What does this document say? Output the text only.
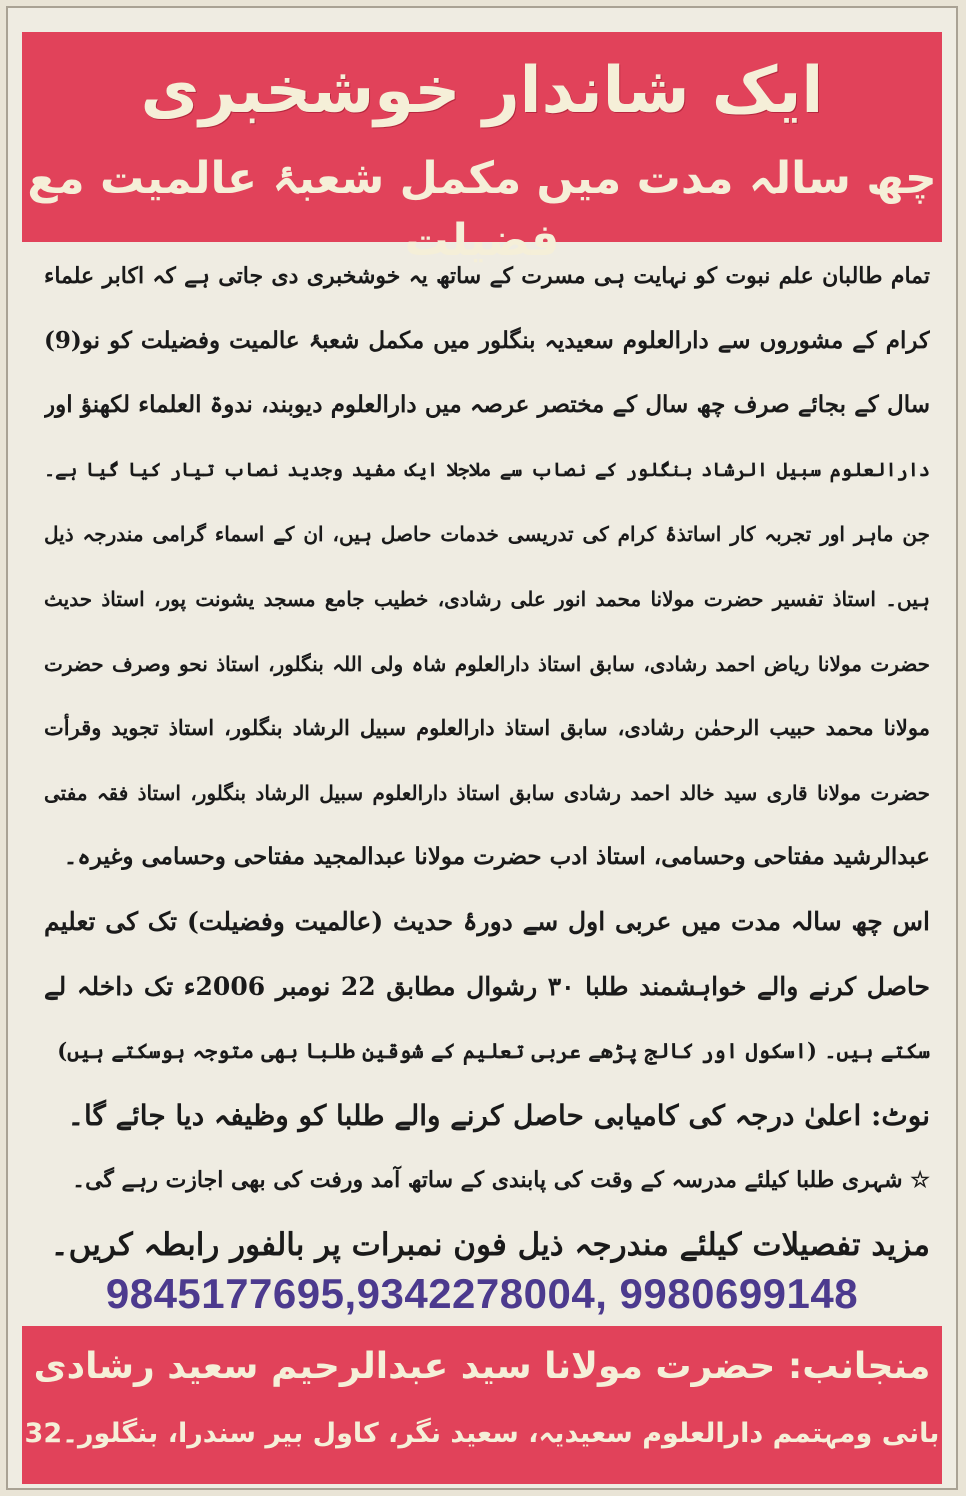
ایک شاندار خوشخبری
چھ سالہ مدت میں مکمل شعبۂ عالمیت مع فضیلت
تمام طالبان علم نبوت کو نہایت ہی مسرت کے ساتھ یہ خوشخبری دی جاتی ہے کہ اکابر علماء
کرام کے مشوروں سے دارالعلوم سعیدیہ بنگلور میں مکمل شعبۂ عالمیت وفضیلت کو نو(9)
سال کے بجائے صرف چھ سال کے مختصر عرصہ میں دارالعلوم دیوبند، ندوۃ العلماء لکھنؤ اور
دارالعلوم سبیل الرشاد بنگلور کے نصاب سے ملاجلا ایک مفید وجدید نصاب تیار کیا گیا ہے۔
جن ماہر اور تجربہ کار اساتذۂ کرام کی تدریسی خدمات حاصل ہیں، ان کے اسماء گرامی مندرجہ ذیل
ہیں۔ استاذ تفسیر حضرت مولانا محمد انور علی رشادی، خطیب جامع مسجد یشونت پور، استاذ حدیث
حضرت مولانا ریاض احمد رشادی، سابق استاذ دارالعلوم شاہ ولی اللہ بنگلور، استاذ نحو وصرف حضرت
مولانا محمد حبیب الرحمٰن رشادی، سابق استاذ دارالعلوم سبیل الرشاد بنگلور، استاذ تجوید وقرأت
حضرت مولانا قاری سید خالد احمد رشادی سابق استاذ دارالعلوم سبیل الرشاد بنگلور، استاذ فقہ مفتی
عبدالرشید مفتاحی وحسامی، استاذ ادب حضرت مولانا عبدالمجید مفتاحی وحسامی وغیرہ۔
اس چھ سالہ مدت میں عربی اول سے دورۂ حدیث (عالمیت وفضیلت) تک کی تعلیم
حاصل کرنے والے خواہشمند طلبا ۳۰ رشوال مطابق 22 نومبر 2006ء تک داخلہ لے
سکتے ہیں۔ (اسکول اور کالج پڑھے عربی تعلیم کے شوقین طلبا بھی متوجہ ہوسکتے ہیں)
نوٹ: اعلیٰ درجہ کی کامیابی حاصل کرنے والے طلبا کو وظیفہ دیا جائے گا۔
☆ شہری طلبا کیلئے مدرسہ کے وقت کی پابندی کے ساتھ آمد ورفت کی بھی اجازت رہے گی۔
مزید تفصیلات کیلئے مندرجہ ذیل فون نمبرات پر بالفور رابطہ کریں۔
9845177695,9342278004, 9980699148
منجانب: حضرت مولانا سید عبدالرحیم سعید رشادی
بانی ومہتمم دارالعلوم سعیدیہ، سعید نگر، کاول بیر سندرا، بنگلور۔32
